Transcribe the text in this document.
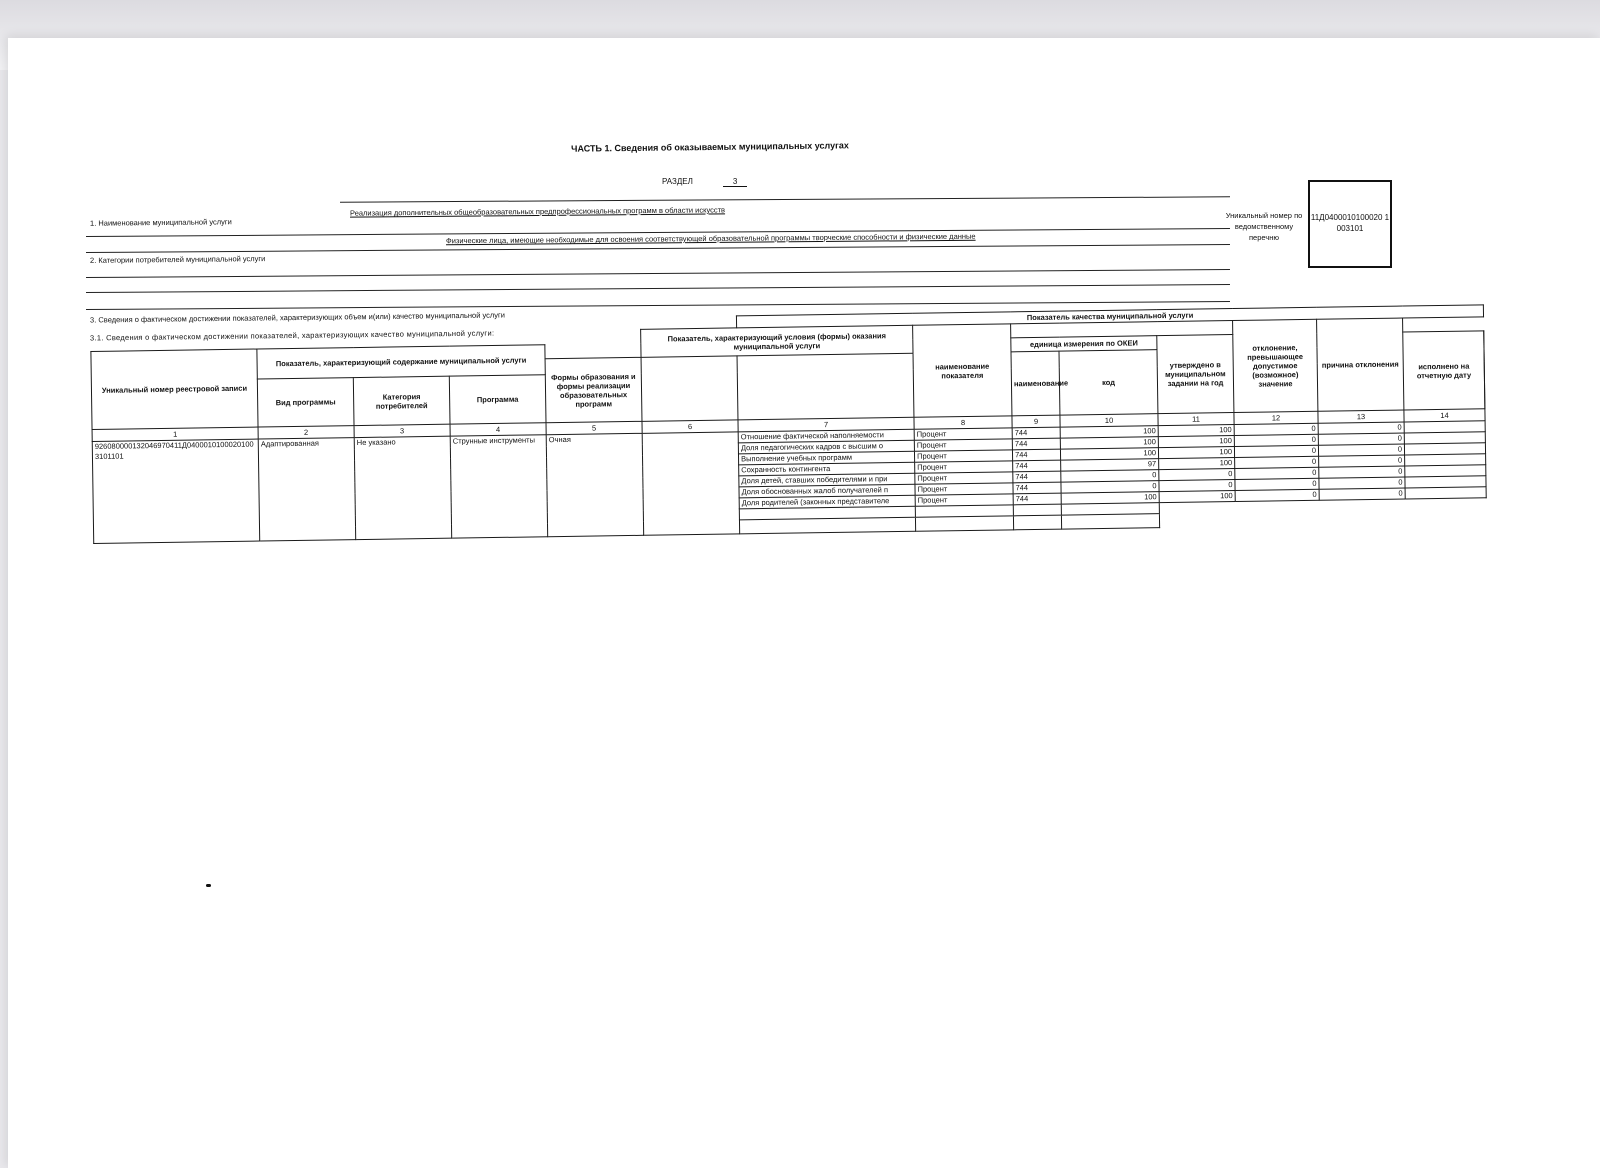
ЧАСТЬ 1. Сведения об оказываемых муниципальных услугах
РАЗДЕЛ	3
1. Наименование муниципальной услуги
Реализация дополнительных общеобразовательных предпрофессиональных программ в области искусств
2. Категории потребителей муниципальной услуги
Физические лица, имеющие необходимые для освоения соответствующей образовательной программы творческие способности и физические данные
Уникальный номер по ведомственному перечню
11Д0400010100020 1003101
3. Сведения о фактическом достижении показателей, характеризующих объем и(или) качество муниципальной услуги
3.1. Сведения о фактическом достижении показателей, характеризующих качество муниципальной услуги:
						Показатель качества муниципальной услуги								
					Показатель, характеризующий условия (формы) оказания муниципальной услуги		наименование показателя				отклонение, превышающее допустимое (возможное) значение	причина отклонения		
Уникальный номер реестровой записи	Показатель, характеризующий содержание муниципальной услуги							единица измерения по ОКЕИ		утверждено в муниципальном задании на год			исполнено на отчетную дату	
				Формы образования и формы реализации образовательных программ				наименование	код					
	Вид программы	Категория потребителей	Программа											
1	2	3	4	5	6	7	8	9	10	11	12	13	14	
926080000132046970411Д04000101000201003101101	Адаптированная	Не указано	Струнные инструменты	Очная		Отношение фактической наполняемости	Процент	744	100	100	0	0		
						Доля педагогических кадров с высшим о	Процент	744	100	100	0	0		
						Выполнение учебных программ	Процент	744	100	100	0	0		
						Сохранность контингента	Процент	744	97	100	0	0		
						Доля детей, ставших победителями и при	Процент	744	0	0	0	0		
						Доля обоснованных жалоб получателей п	Процент	744	0	0	0	0		
						Доля родителей (законных представителе	Процент	744	100	100	0	0		
